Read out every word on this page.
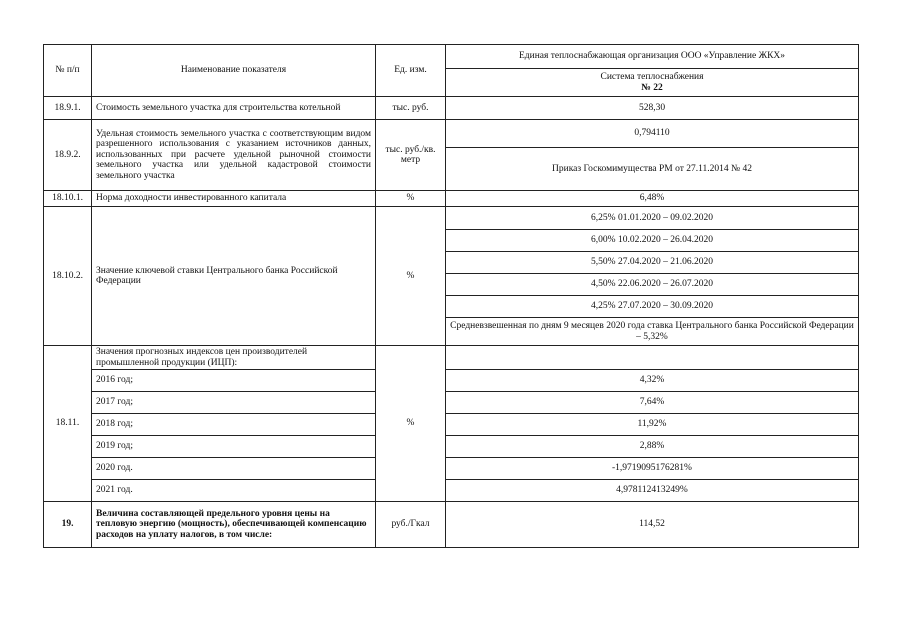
№ п/п	Наименование показателя	Ед. изм.	Единая теплоснабжающая организация ООО «Управление ЖКХ»

			Система теплоснабжения
№ 22

18.9.1.	Стоимость земельного участка для строительства котельной	тыс. руб.	528,30
18.9.2.	Удельная стоимость земельного участка с соответствующим видом разрешенного использования с указанием источников данных, использованных при расчете удельной рыночной стоимости земельного участка или удельной кадастровой стоимости земельного участка	тыс. руб./кв. метр	0,794110
			Приказ Госкомимущества РМ от 27.11.2014 № 42
18.10.1.	Норма доходности инвестированного капитала	%	6,48%
18.10.2.	Значение ключевой ставки Центрального банка Российской Федерации	%	6,25% 01.01.2020 – 09.02.2020
			6,00% 10.02.2020 – 26.04.2020
			5,50% 27.04.2020 – 21.06.2020
			4,50% 22.06.2020 – 26.07.2020
			4,25% 27.07.2020 – 30.09.2020
			Средневзвешенная по дням 9 месяцев 2020 года ставка Центрального банка Российской Федерации – 5,32%
18.11.	Значения прогнозных индексов цен производителей промышленной продукции (ИЦП):	%	
	2016 год;		4,32%
	2017 год;		7,64%
	2018 год;		11,92%
	2019 год;		2,88%
	2020 год.		-1,9719095176281%
	2021 год.		4,978112413249%
19.	Величина составляющей предельного уровня цены на тепловую энергию (мощность), обеспечивающей компенсацию расходов на уплату налогов, в том числе:	руб./Гкал	114,52
